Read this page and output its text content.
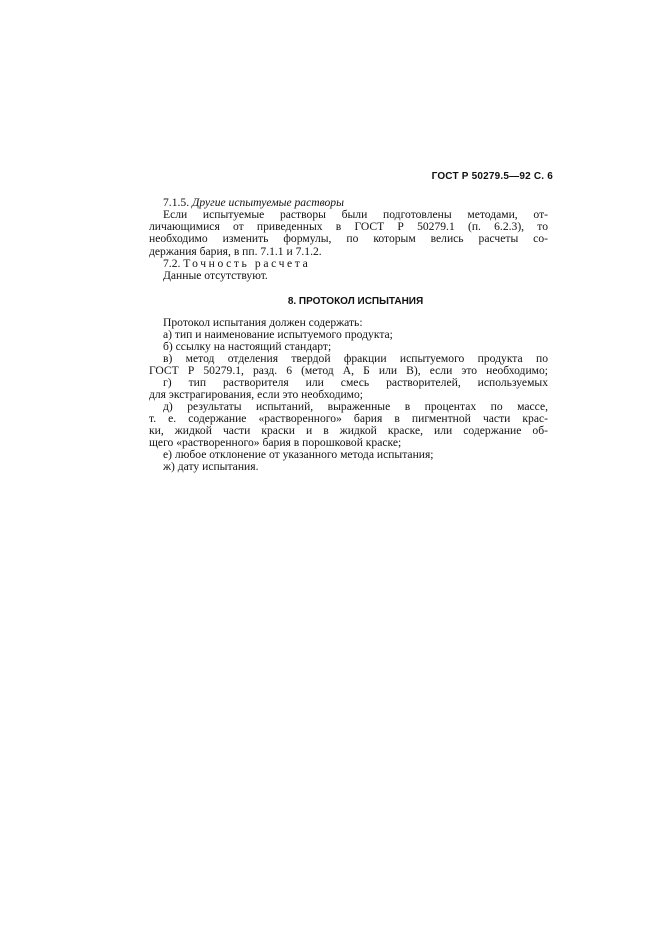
ГОСТ Р 50279.5—92 С. 6
7.1.5. Другие испытуемые растворы
Если испытуемые растворы были подготовлены методами, от-
личающимися от приведенных в ГОСТ Р 50279.1 (п. 6.2.3), то
необходимо изменить формулы, по которым велись расчеты со-
держания бария, в пп. 7.1.1 и 7.1.2.
7.2. Точность расчета
Данные отсутствуют.
8. ПРОТОКОЛ ИСПЫТАНИЯ
Протокол испытания должен содержать:
а) тип и наименование испытуемого продукта;
б) ссылку на настоящий стандарт;
в) метод отделения твердой фракции испытуемого продукта по
ГОСТ Р 50279.1, разд. 6 (метод А, Б или В), если это необходимо;
г) тип растворителя или смесь растворителей, используемых
для экстрагирования, если это необходимо;
д) результаты испытаний, выраженные в процентах по массе,
т. е. содержание «растворенного» бария в пигментной части крас-
ки, жидкой части краски и в жидкой краске, или содержание об-
щего «растворенного» бария в порошковой краске;
е) любое отклонение от указанного метода испытания;
ж) дату испытания.
